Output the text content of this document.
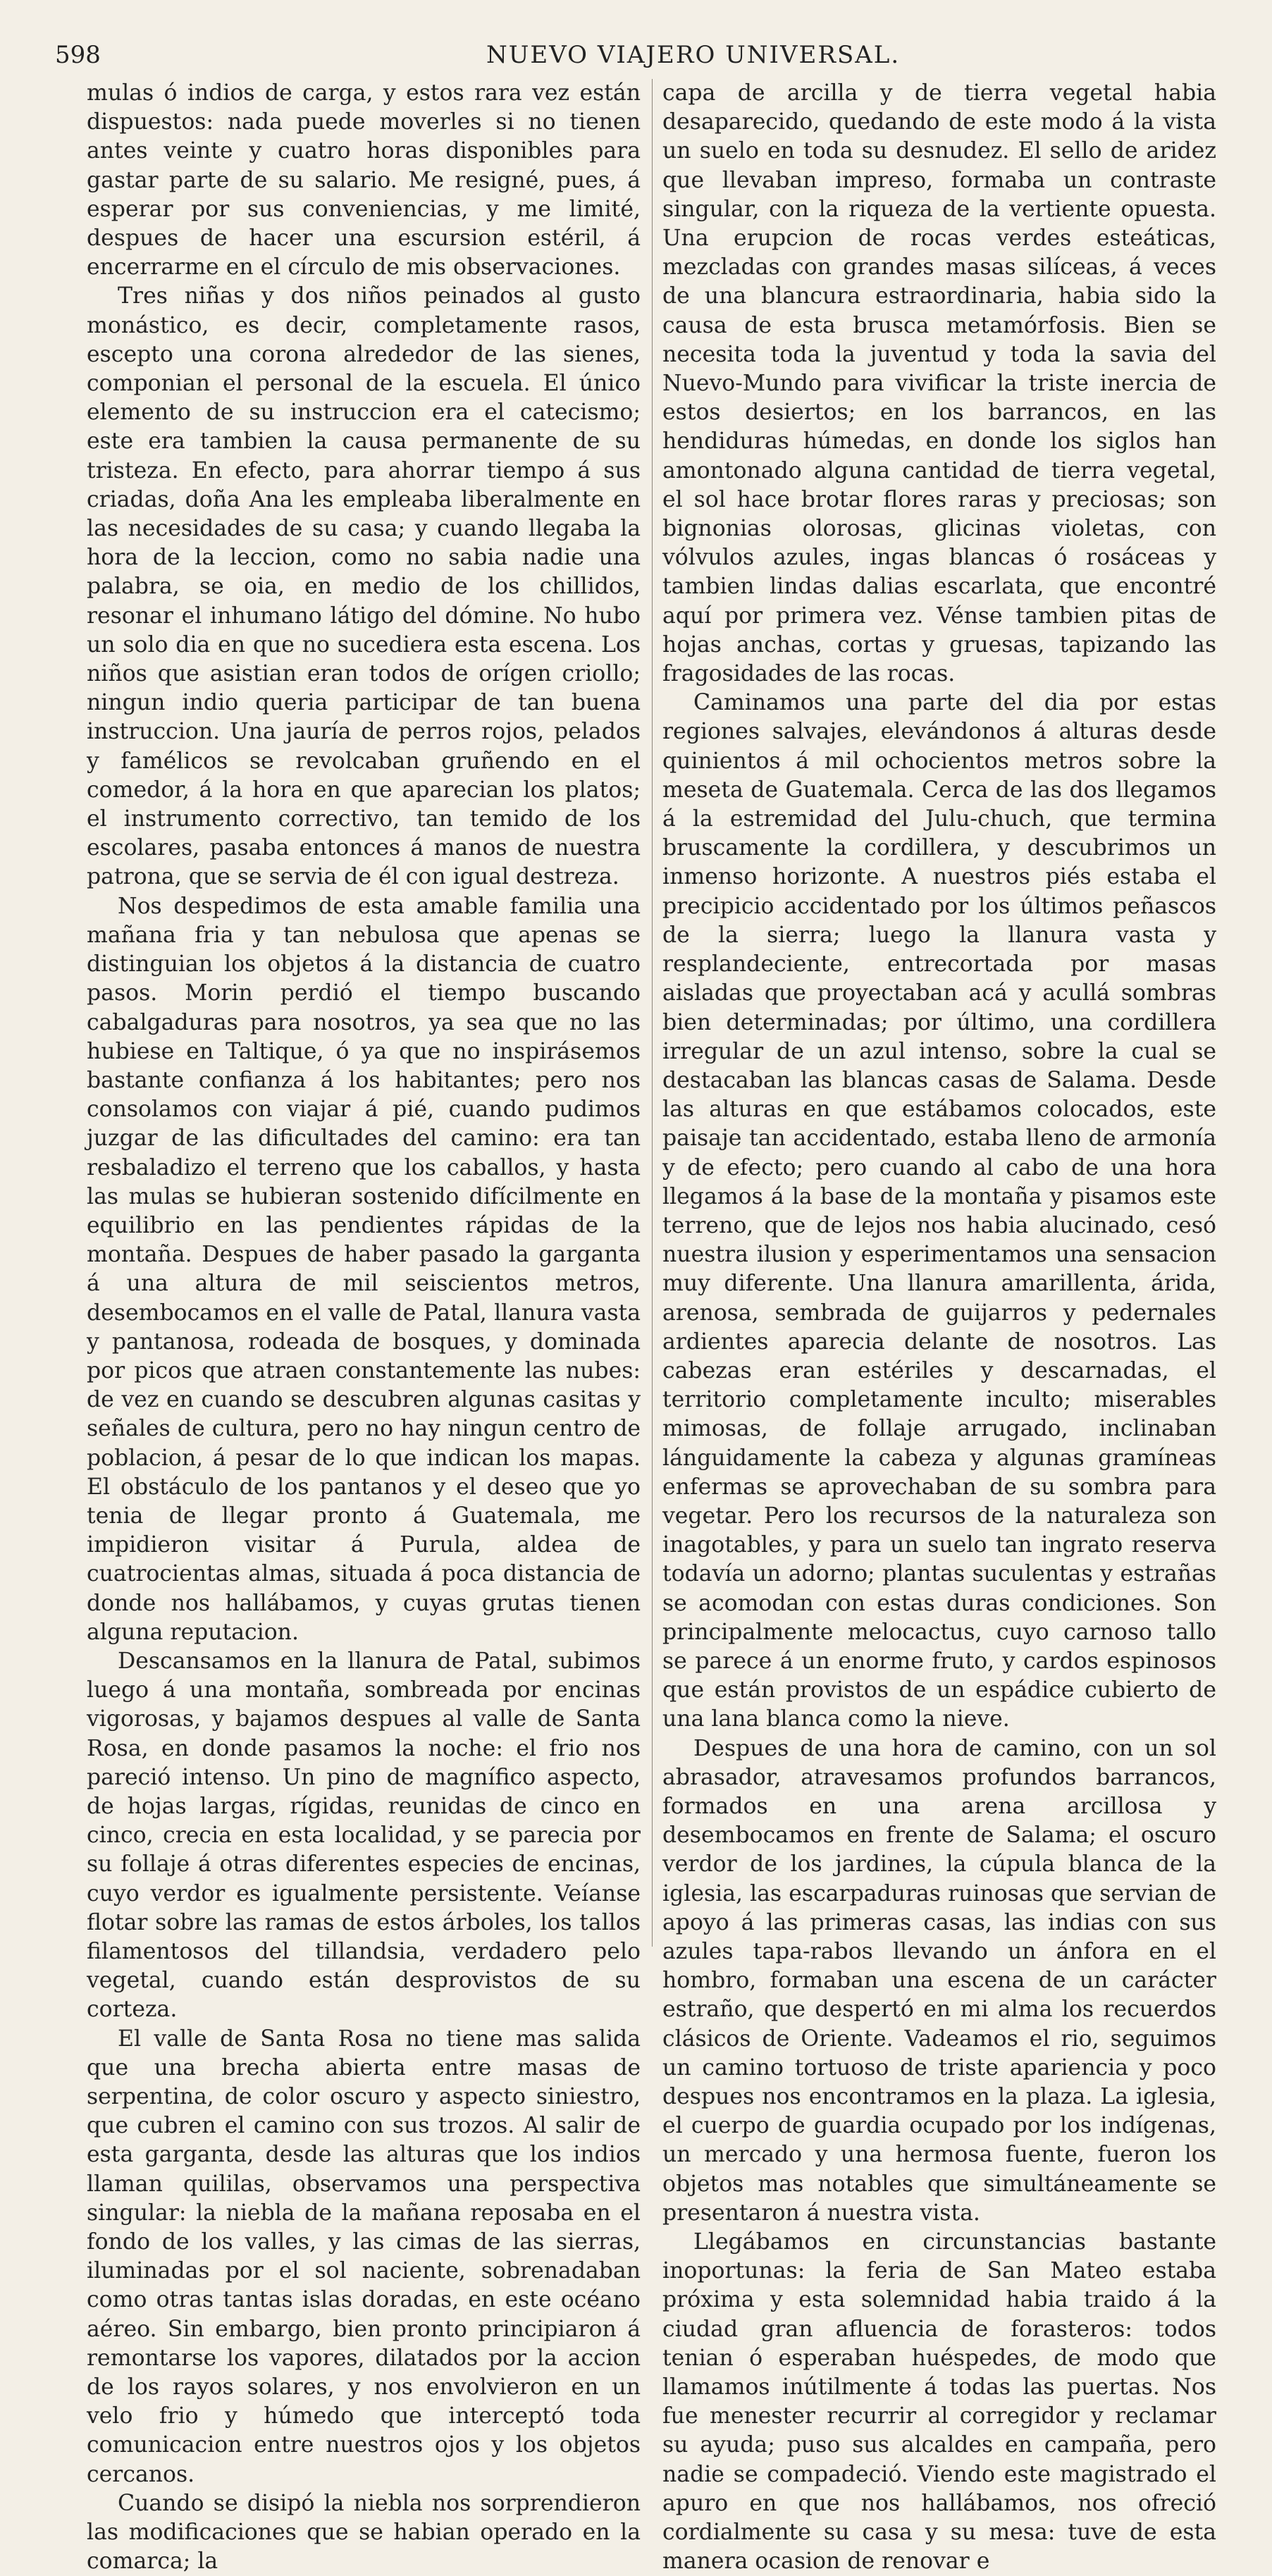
598	NUEVO VIAJERO UNIVERSAL.

mulas ó indios de carga, y estos rara vez están dispuestos: nada puede moverles si no tienen antes veinte y cuatro horas disponibles para gastar parte de su salario. Me resigné, pues, á esperar por sus conveniencias, y me limité, despues de hacer una escursion estéril, á encerrarme en el círculo de mis observaciones.

Tres niñas y dos niños peinados al gusto monástico, es decir, completamente rasos, escepto una corona alrededor de las sienes, componian el personal de la escuela. El único elemento de su instruccion era el catecismo; este era tambien la causa permanente de su tristeza. En efecto, para ahorrar tiempo á sus criadas, doña Ana les empleaba liberalmente en las necesidades de su casa; y cuando llegaba la hora de la leccion, como no sabia nadie una palabra, se oia, en medio de los chillidos, resonar el inhumano látigo del dómine. No hubo un solo dia en que no sucediera esta escena. Los niños que asistian eran todos de orígen criollo; ningun indio queria participar de tan buena instruccion. Una jauría de perros rojos, pelados y famélicos se revolcaban gruñendo en el comedor, á la hora en que aparecian los platos; el instrumento correctivo, tan temido de los escolares, pasaba entonces á manos de nuestra patrona, que se servia de él con igual destreza.

Nos despedimos de esta amable familia una mañana fria y tan nebulosa que apenas se distinguian los objetos á la distancia de cuatro pasos. Morin perdió el tiempo buscando cabalgaduras para nosotros, ya sea que no las hubiese en Taltique, ó ya que no inspirásemos bastante confianza á los habitantes; pero nos consolamos con viajar á pié, cuando pudimos juzgar de las dificultades del camino: era tan resbaladizo el terreno que los caballos, y hasta las mulas se hubieran sostenido difícilmente en equilibrio en las pendientes rápidas de la montaña. Despues de haber pasado la garganta á una altura de mil seiscientos metros, desembocamos en el valle de Patal, llanura vasta y pantanosa, rodeada de bosques, y dominada por picos que atraen constantemente las nubes: de vez en cuando se descubren algunas casitas y señales de cultura, pero no hay ningun centro de poblacion, á pesar de lo que indican los mapas. El obstáculo de los pantanos y el deseo que yo tenia de llegar pronto á Guatemala, me impidieron visitar á Purula, aldea de cuatrocientas almas, situada á poca distancia de donde nos hallábamos, y cuyas grutas tienen alguna reputacion.

Descansamos en la llanura de Patal, subimos luego á una montaña, sombreada por encinas vigorosas, y bajamos despues al valle de Santa Rosa, en donde pasamos la noche: el frio nos pareció intenso. Un pino de magnífico aspecto, de hojas largas, rígidas, reunidas de cinco en cinco, crecia en esta localidad, y se parecia por su follaje á otras diferentes especies de encinas, cuyo verdor es igualmente persistente. Veíanse flotar sobre las ramas de estos árboles, los tallos filamentosos del tillandsia, verdadero pelo vegetal, cuando están desprovistos de su corteza.

El valle de Santa Rosa no tiene mas salida que una brecha abierta entre masas de serpentina, de color oscuro y aspecto siniestro, que cubren el camino con sus trozos. Al salir de esta garganta, desde las alturas que los indios llaman quililas, observamos una perspectiva singular: la niebla de la mañana reposaba en el fondo de los valles, y las cimas de las sierras, iluminadas por el sol naciente, sobrenadaban como otras tantas islas doradas, en este océano aéreo. Sin embargo, bien pronto principiaron á remontarse los vapores, dilatados por la accion de los rayos solares, y nos envolvieron en un velo frio y húmedo que interceptó toda comunicacion entre nuestros ojos y los objetos cercanos.

Cuando se disipó la niebla nos sorprendieron las modificaciones que se habian operado en la comarca; la

capa de arcilla y de tierra vegetal habia desaparecido, quedando de este modo á la vista un suelo en toda su desnudez. El sello de aridez que llevaban impreso, formaba un contraste singular, con la riqueza de la vertiente opuesta. Una erupcion de rocas verdes esteáticas, mezcladas con grandes masas silíceas, á veces de una blancura estraordinaria, habia sido la causa de esta brusca metamórfosis. Bien se necesita toda la juventud y toda la savia del Nuevo-Mundo para vivificar la triste inercia de estos desiertos; en los barrancos, en las hendiduras húmedas, en donde los siglos han amontonado alguna cantidad de tierra vegetal, el sol hace brotar flores raras y preciosas; son bignonias olorosas, glicinas violetas, con vólvulos azules, ingas blancas ó rosáceas y tambien lindas dalias escarlata, que encontré aquí por primera vez. Vénse tambien pitas de hojas anchas, cortas y gruesas, tapizando las fragosidades de las rocas.

Caminamos una parte del dia por estas regiones salvajes, elevándonos á alturas desde quinientos á mil ochocientos metros sobre la meseta de Guatemala. Cerca de las dos llegamos á la estremidad del Julu-chuch, que termina bruscamente la cordillera, y descubrimos un inmenso horizonte. A nuestros piés estaba el precipicio accidentado por los últimos peñascos de la sierra; luego la llanura vasta y resplandeciente, entrecortada por masas aisladas que proyectaban acá y acullá sombras bien determinadas; por último, una cordillera irregular de un azul intenso, sobre la cual se destacaban las blancas casas de Salama. Desde las alturas en que estábamos colocados, este paisaje tan accidentado, estaba lleno de armonía y de efecto; pero cuando al cabo de una hora llegamos á la base de la montaña y pisamos este terreno, que de lejos nos habia alucinado, cesó nuestra ilusion y esperimentamos una sensacion muy diferente. Una llanura amarillenta, árida, arenosa, sembrada de guijarros y pedernales ardientes aparecia delante de nosotros. Las cabezas eran estériles y descarnadas, el territorio completamente inculto; miserables mimosas, de follaje arrugado, inclinaban lánguidamente la cabeza y algunas gramíneas enfermas se aprovechaban de su sombra para vegetar. Pero los recursos de la naturaleza son inagotables, y para un suelo tan ingrato reserva todavía un adorno; plantas suculentas y estrañas se acomodan con estas duras condiciones. Son principalmente melocactus, cuyo carnoso tallo se parece á un enorme fruto, y cardos espinosos que están provistos de un espádice cubierto de una lana blanca como la nieve.

Despues de una hora de camino, con un sol abrasador, atravesamos profundos barrancos, formados en una arena arcillosa y desembocamos en frente de Salama; el oscuro verdor de los jardines, la cúpula blanca de la iglesia, las escarpaduras ruinosas que servian de apoyo á las primeras casas, las indias con sus azules tapa-rabos llevando un ánfora en el hombro, formaban una escena de un carácter estraño, que despertó en mi alma los recuerdos clásicos de Oriente. Vadeamos el rio, seguimos un camino tortuoso de triste apariencia y poco despues nos encontramos en la plaza. La iglesia, el cuerpo de guardia ocupado por los indígenas, un mercado y una hermosa fuente, fueron los objetos mas notables que simultáneamente se presentaron á nuestra vista.

Llegábamos en circunstancias bastante inoportunas: la feria de San Mateo estaba próxima y esta solemnidad habia traido á la ciudad gran afluencia de forasteros: todos tenian ó esperaban huéspedes, de modo que llamamos inútilmente á todas las puertas. Nos fue menester recurrir al corregidor y reclamar su ayuda; puso sus alcaldes en campaña, pero nadie se compadeció. Viendo este magistrado el apuro en que nos hallábamos, nos ofreció cordialmente su casa y su mesa: tuve de esta manera ocasion de renovar e
